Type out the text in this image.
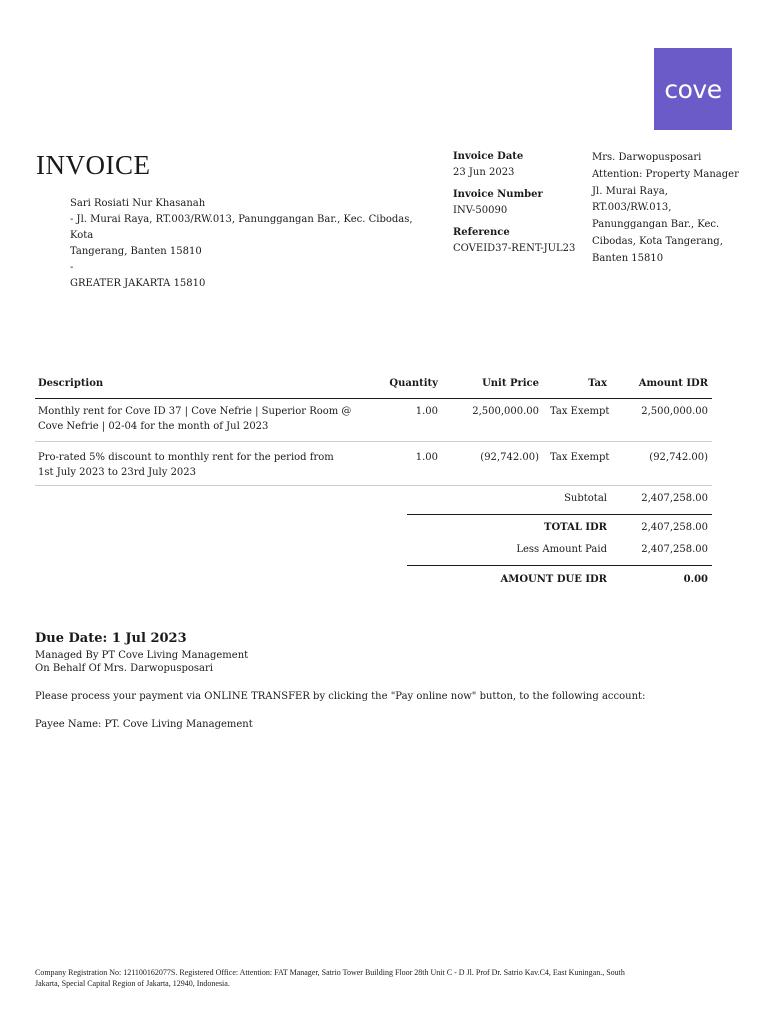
cove
INVOICE
Sari Rosiati Nur Khasanah
- Jl. Murai Raya, RT.003/RW.013, Panunggangan Bar., Kec. Cibodas, Kota
Tangerang, Banten 15810
-
GREATER JAKARTA 15810
Invoice Date
23 Jun 2023
Invoice Number
INV-50090
Reference
COVEID37-RENT-JUL23
Mrs. Darwopusposari
Attention: Property Manager
Jl. Murai Raya,
RT.003/RW.013,
Panunggangan Bar., Kec.
Cibodas, Kota Tangerang,
Banten 15810
Description	Quantity	Unit Price	Tax	Amount IDR
Monthly rent for Cove ID 37 | Cove Nefrie | Superior Room @
Cove Nefrie | 02-04 for the month of Jul 2023
1.00	2,500,000.00 Tax Exempt	2,500,000.00
Pro-rated 5% discount to monthly rent for the period from
1st July 2023 to 23rd July 2023
1.00	(92,742.00) Tax Exempt	(92,742.00)
Subtotal	2,407,258.00
TOTAL IDR	2,407,258.00
Less Amount Paid	2,407,258.00
AMOUNT DUE IDR	0.00
Due Date: 1 Jul 2023
Managed By PT Cove Living Management
On Behalf Of Mrs. Darwopusposari
Please process your payment via ONLINE TRANSFER by clicking the "Pay online now" button, to the following account:
Payee Name: PT. Cove Living Management
Company Registration No: 121100162077S. Registered Office: Attention: FAT Manager, Satrio Tower Building Floor 28th Unit C - D Jl. Prof Dr. Satrio Kav.C4, East Kuningan., South
Jakarta, Special Capital Region of Jakarta, 12940, Indonesia.
